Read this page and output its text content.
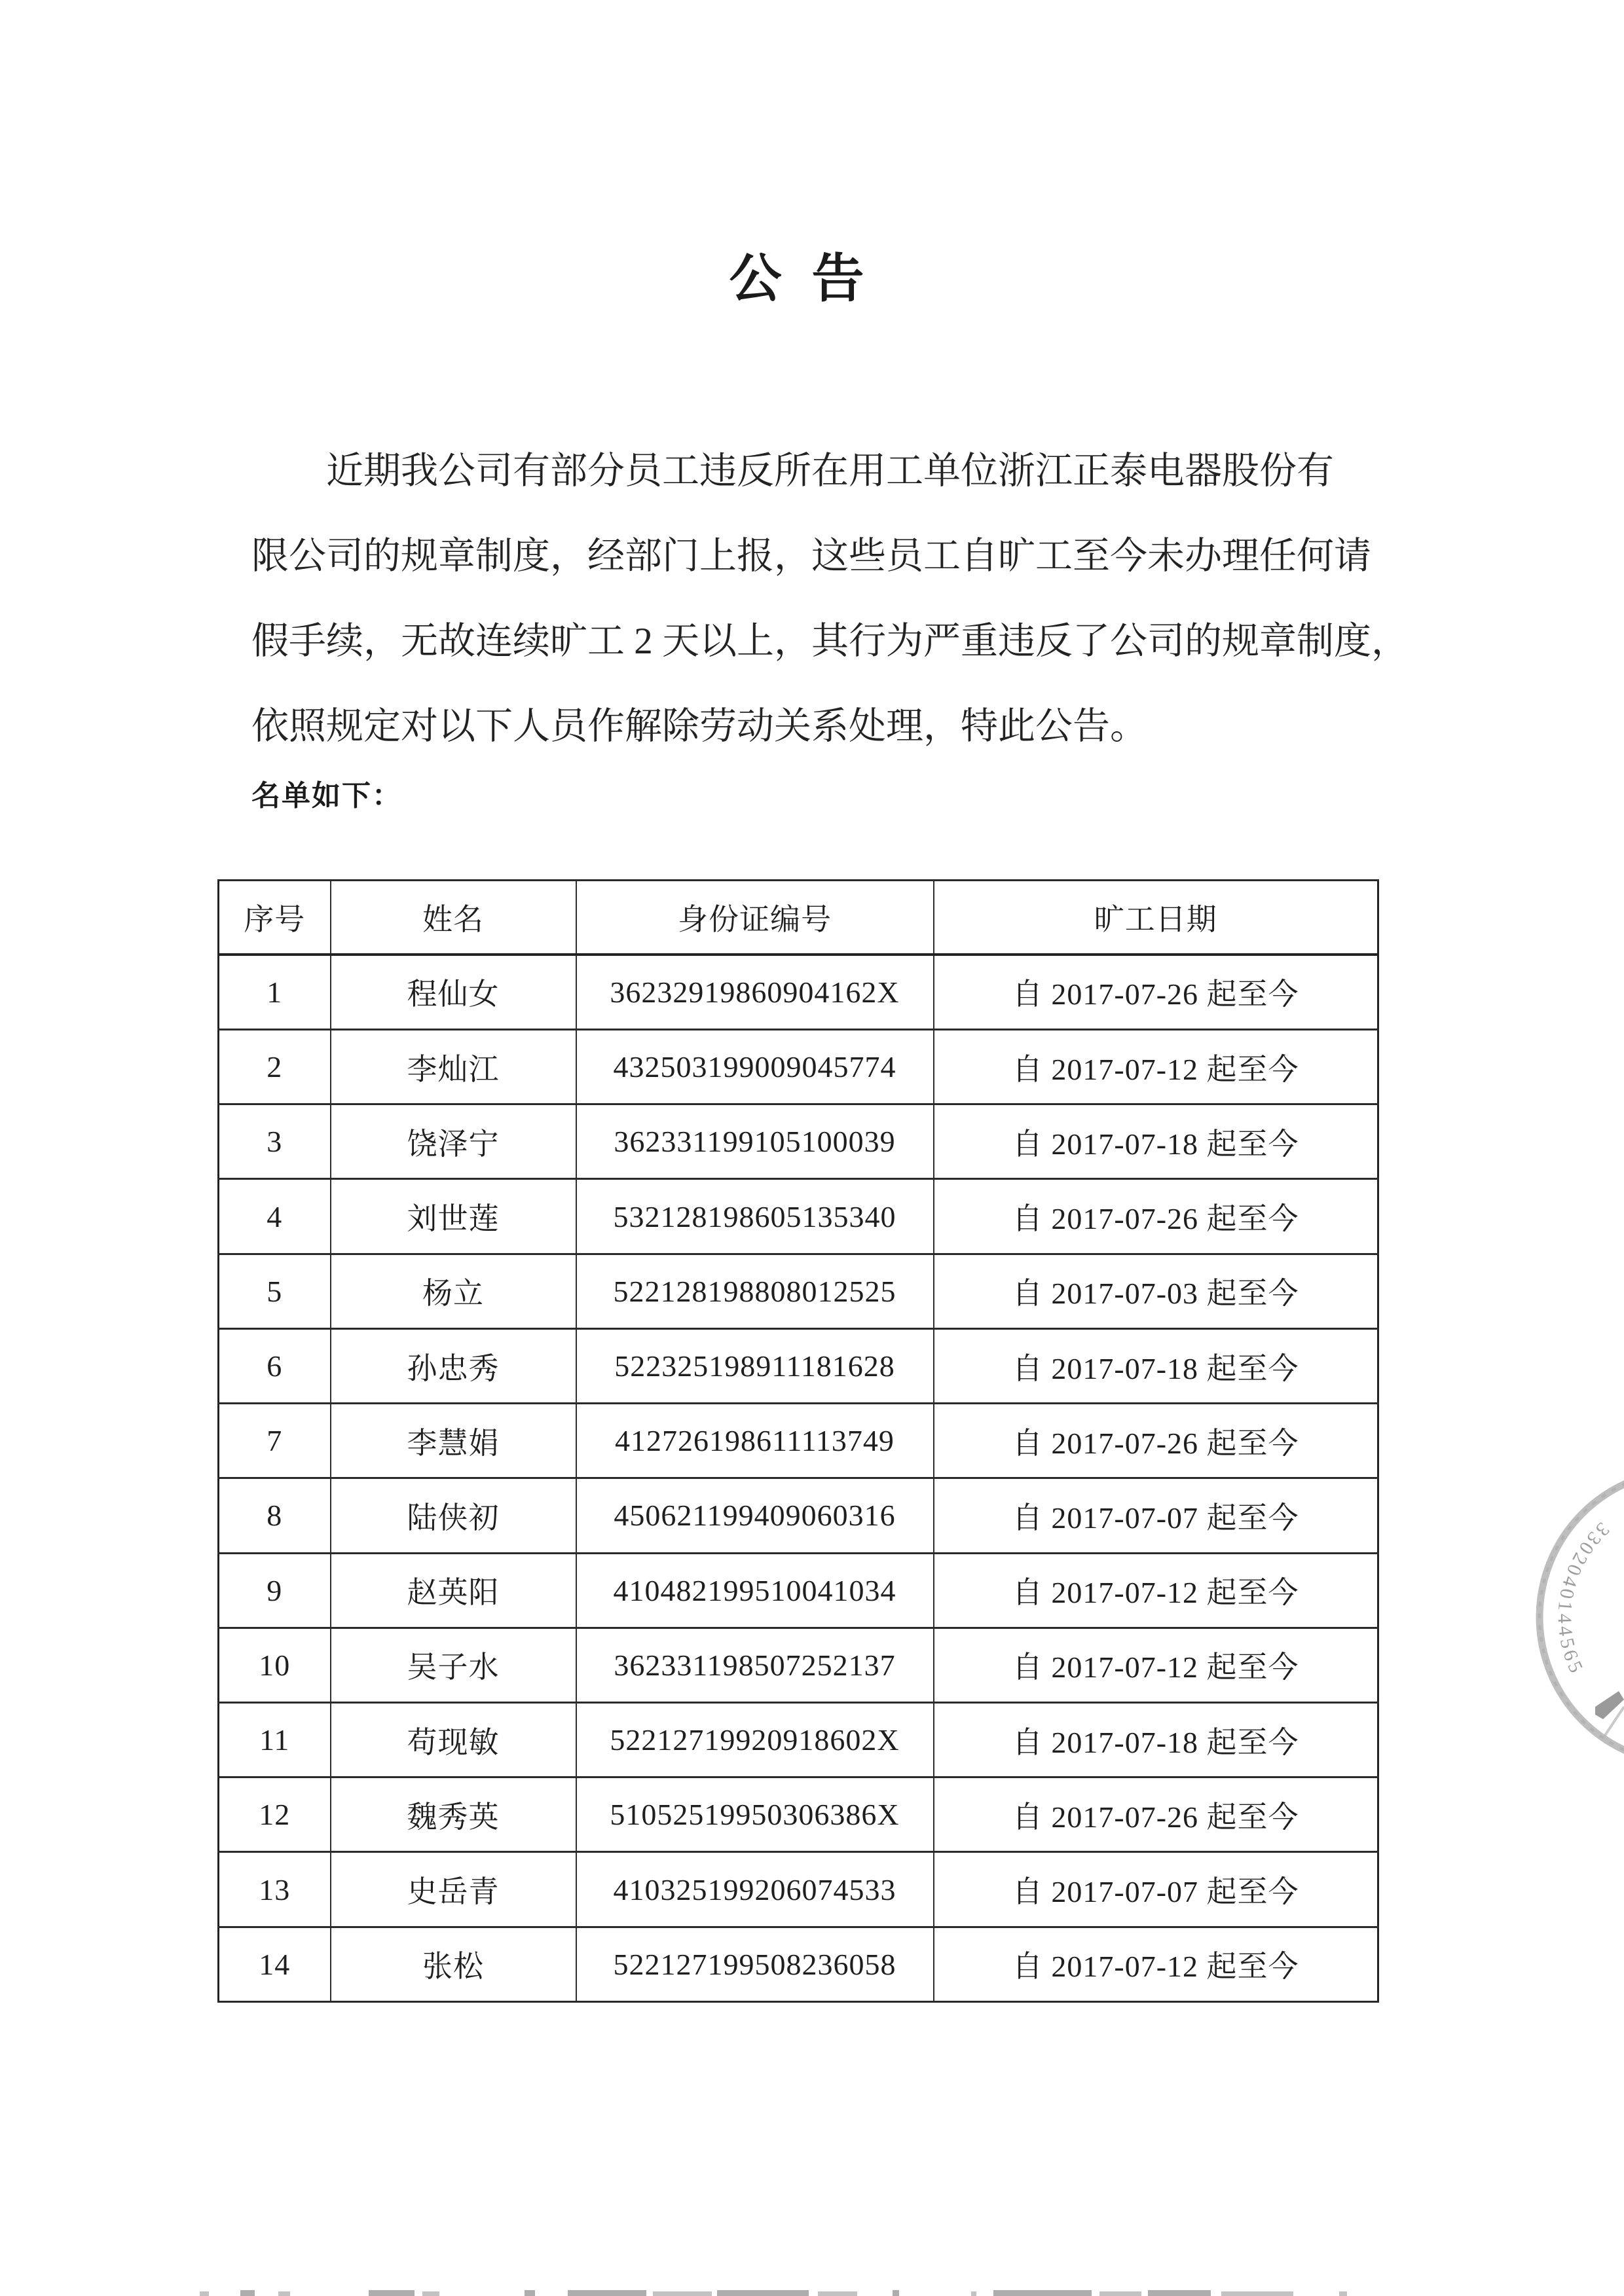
公 告
近期我公司有部分员工违反所在用工单位浙江正泰电器股份有
限公司的规章制度，经部门上报，这些员工自旷工至今未办理任何请
假手续，无故连续旷工 2 天以上，其行为严重违反了公司的规章制度，
依照规定对以下人员作解除劳动关系处理，特此公告。
名单如下：
序号	姓名	身份证编号	旷工日期
1	程仙女	36232919860904162X	自 2017-07-26 起至今
2	李灿江	432503199009045774	自 2017-07-12 起至今
3	饶泽宁	362331199105100039	自 2017-07-18 起至今
4	刘世莲	532128198605135340	自 2017-07-26 起至今
5	杨立	522128198808012525	自 2017-07-03 起至今
6	孙忠秀	522325198911181628	自 2017-07-18 起至今
7	李慧娟	412726198611113749	自 2017-07-26 起至今
8	陆侠初	450621199409060316	自 2017-07-07 起至今
9	赵英阳	410482199510041034	自 2017-07-12 起至今
10	吴子水	362331198507252137	自 2017-07-12 起至今
11	苟现敏	52212719920918602X	自 2017-07-18 起至今
12	魏秀英	51052519950306386X	自 2017-07-26 起至今
13	史岳青	410325199206074533	自 2017-07-07 起至今
14	张松	522127199508236058	自 2017-07-12 起至今
3302040144565
